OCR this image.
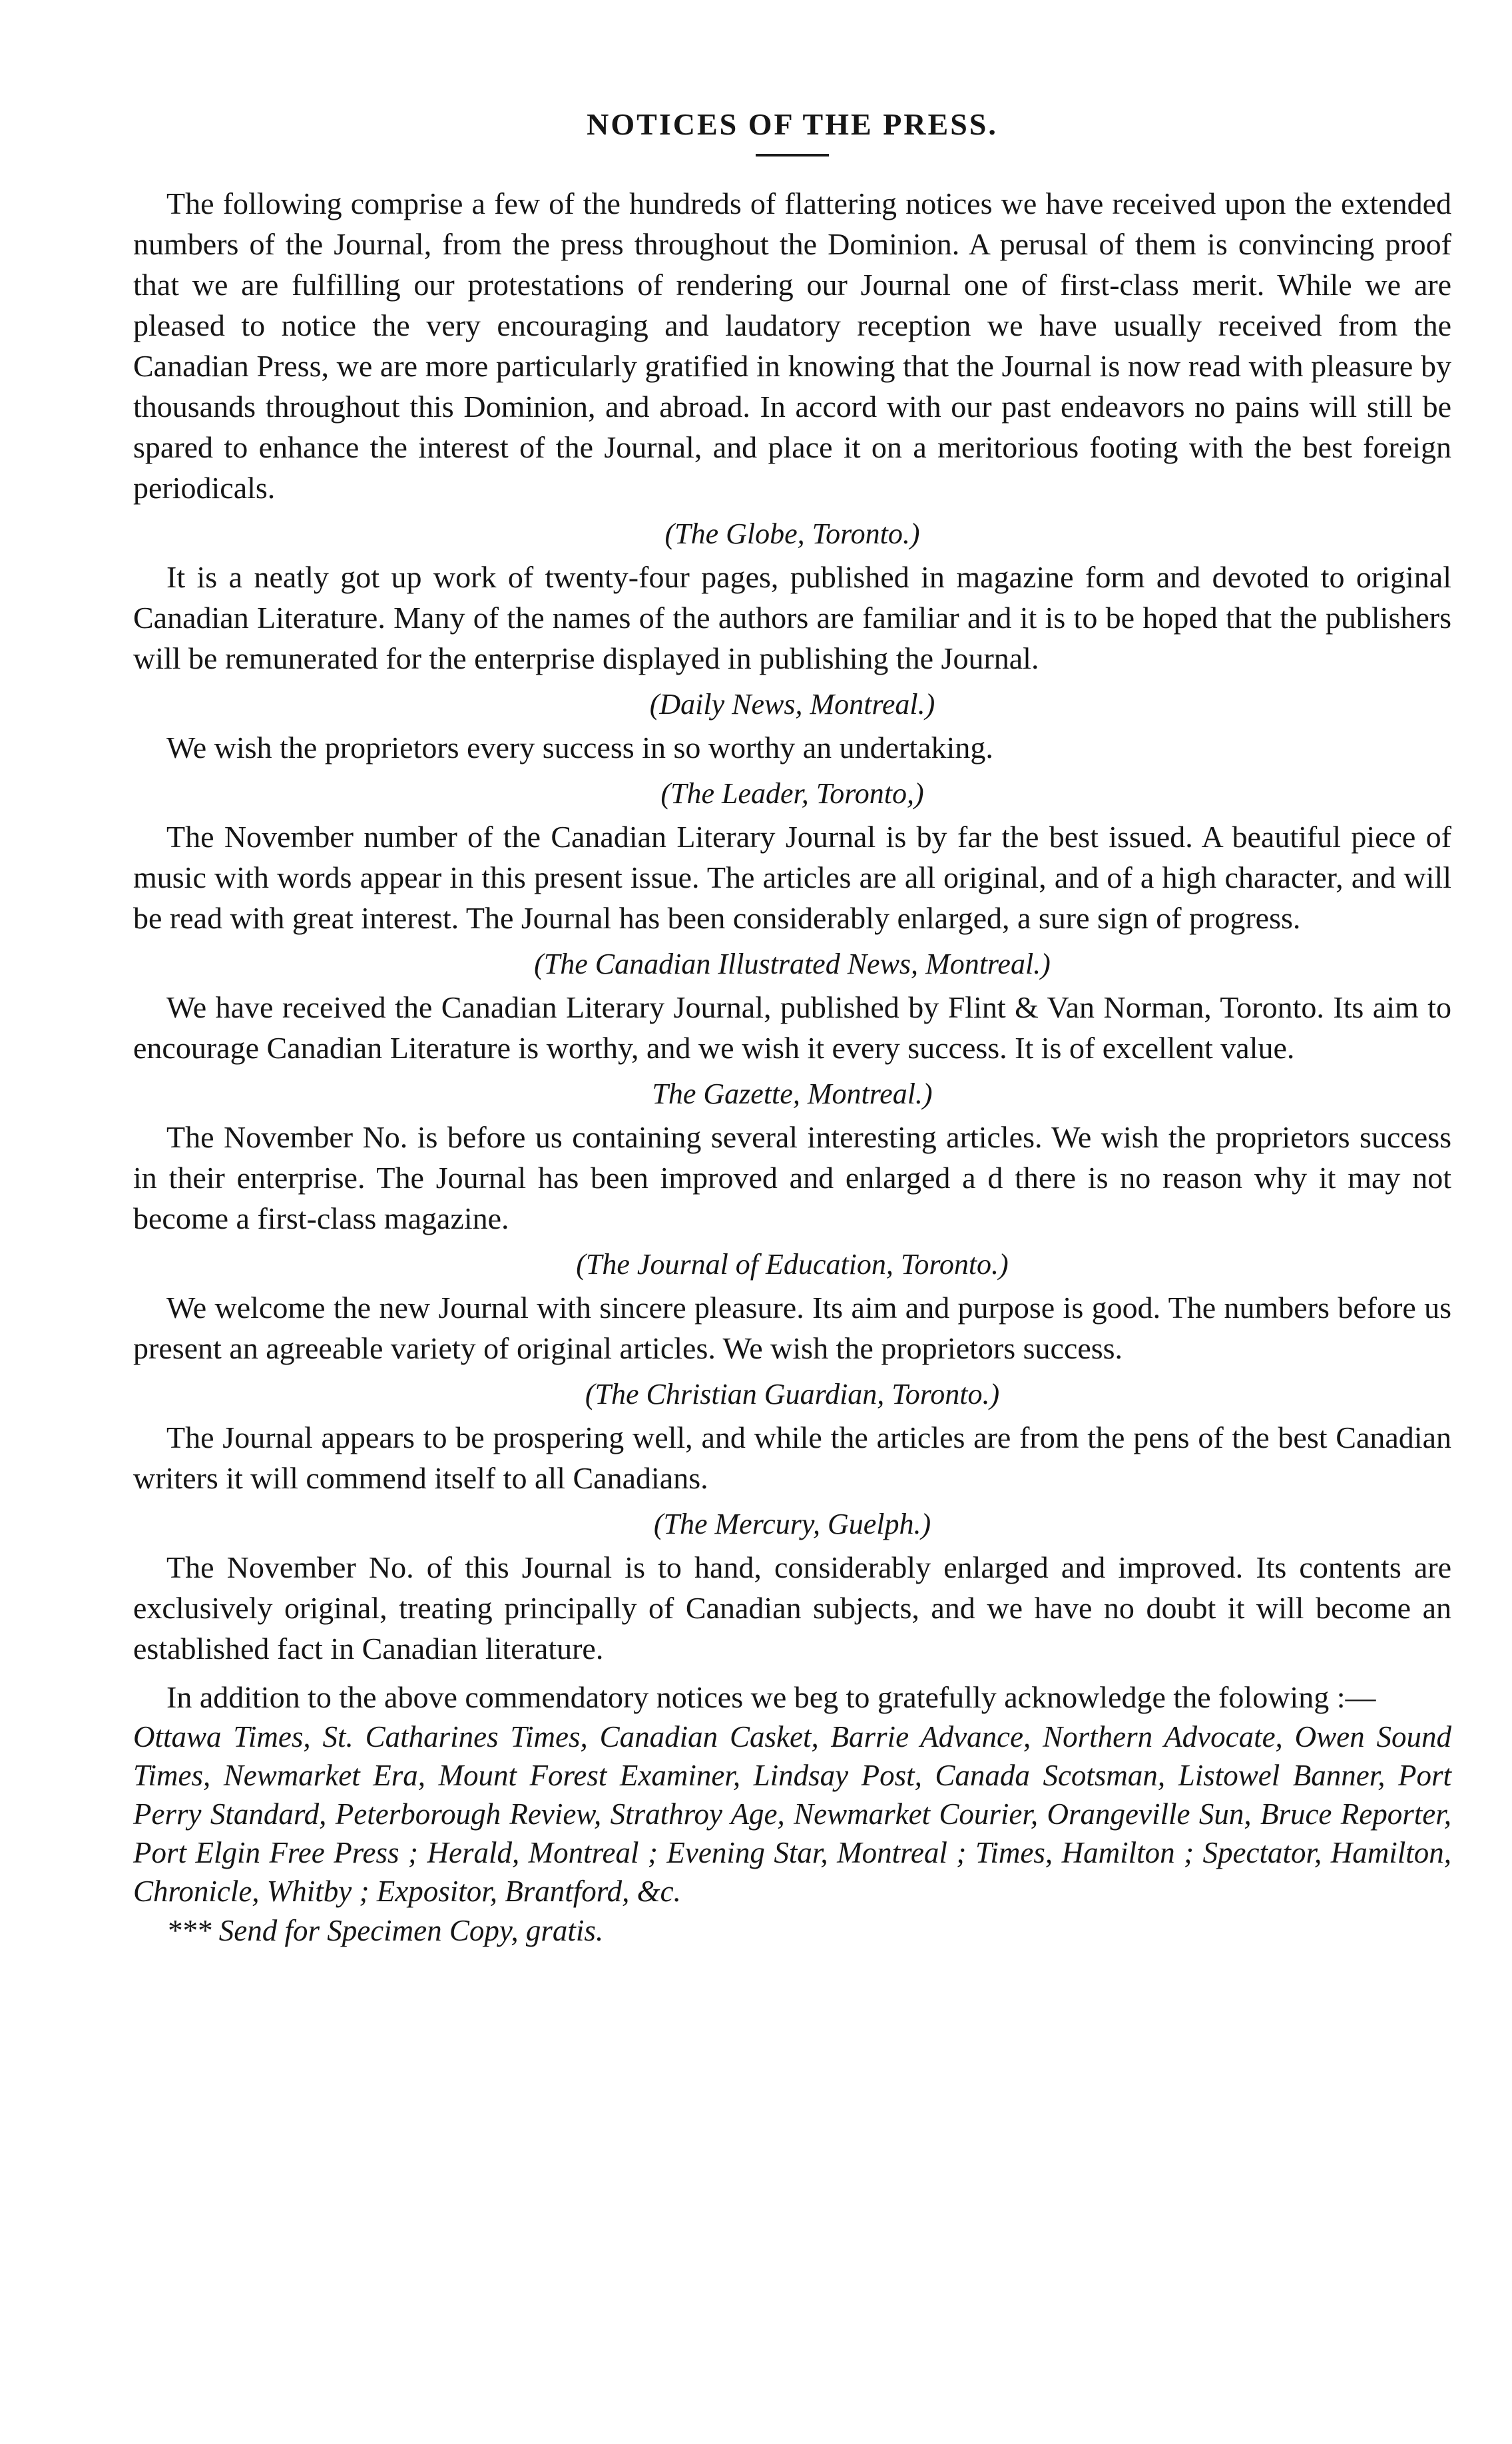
NOTICES OF THE PRESS.

The following comprise a few of the hundreds of flattering notices we have received upon the extended numbers of the Journal, from the press throughout the Dominion. A perusal of them is convincing proof that we are fulfilling our protestations of rendering our Journal one of first-class merit. While we are pleased to notice the very encouraging and laudatory reception we have usually received from the Canadian Press, we are more particularly gratified in knowing that the Journal is now read with pleasure by thousands throughout this Dominion, and abroad. In accord with our past endeavors no pains will still be spared to enhance the interest of the Journal, and place it on a meritorious footing with the best foreign periodicals.

(The Globe, Toronto.)

It is a neatly got up work of twenty-four pages, published in magazine form and devoted to original Canadian Literature. Many of the names of the authors are familiar and it is to be hoped that the publishers will be remunerated for the enterprise displayed in publishing the Journal.

(Daily News, Montreal.)

We wish the proprietors every success in so worthy an undertaking.

(The Leader, Toronto,)

The November number of the Canadian Literary Journal is by far the best issued. A beautiful piece of music with words appear in this present issue. The articles are all original, and of a high character, and will be read with great interest. The Journal has been considerably enlarged, a sure sign of progress.

(The Canadian Illustrated News, Montreal.)

We have received the Canadian Literary Journal, published by Flint & Van Norman, Toronto. Its aim to encourage Canadian Literature is worthy, and we wish it every success. It is of excellent value.

The Gazette, Montreal.)

The November No. is before us containing several interesting articles. We wish the proprietors success in their enterprise. The Journal has been improved and enlarged a d there is no reason why it may not become a first-class magazine.

(The Journal of Education, Toronto.)

We welcome the new Journal with sincere pleasure. Its aim and purpose is good. The numbers before us present an agreeable variety of original articles. We wish the proprietors success.

(The Christian Guardian, Toronto.)

The Journal appears to be prospering well, and while the articles are from the pens of the best Canadian writers it will commend itself to all Canadians.

(The Mercury, Guelph.)

The November No. of this Journal is to hand, considerably enlarged and improved. Its contents are exclusively original, treating principally of Canadian subjects, and we have no doubt it will become an established fact in Canadian literature.

In addition to the above commendatory notices we beg to gratefully acknowledge the folowing :—

Ottawa Times, St. Catharines Times, Canadian Casket, Barrie Advance, Northern Advocate, Owen Sound Times, Newmarket Era, Mount Forest Examiner, Lindsay Post, Canada Scotsman, Listowel Banner, Port Perry Standard, Peterborough Review, Strathroy Age, Newmarket Courier, Orangeville Sun, Bruce Reporter, Port Elgin Free Press ; Herald, Montreal ; Evening Star, Montreal ; Times, Hamilton ; Spectator, Hamilton, Chronicle, Whitby ; Expositor, Brantford, &c.

*** Send for Specimen Copy, gratis.
